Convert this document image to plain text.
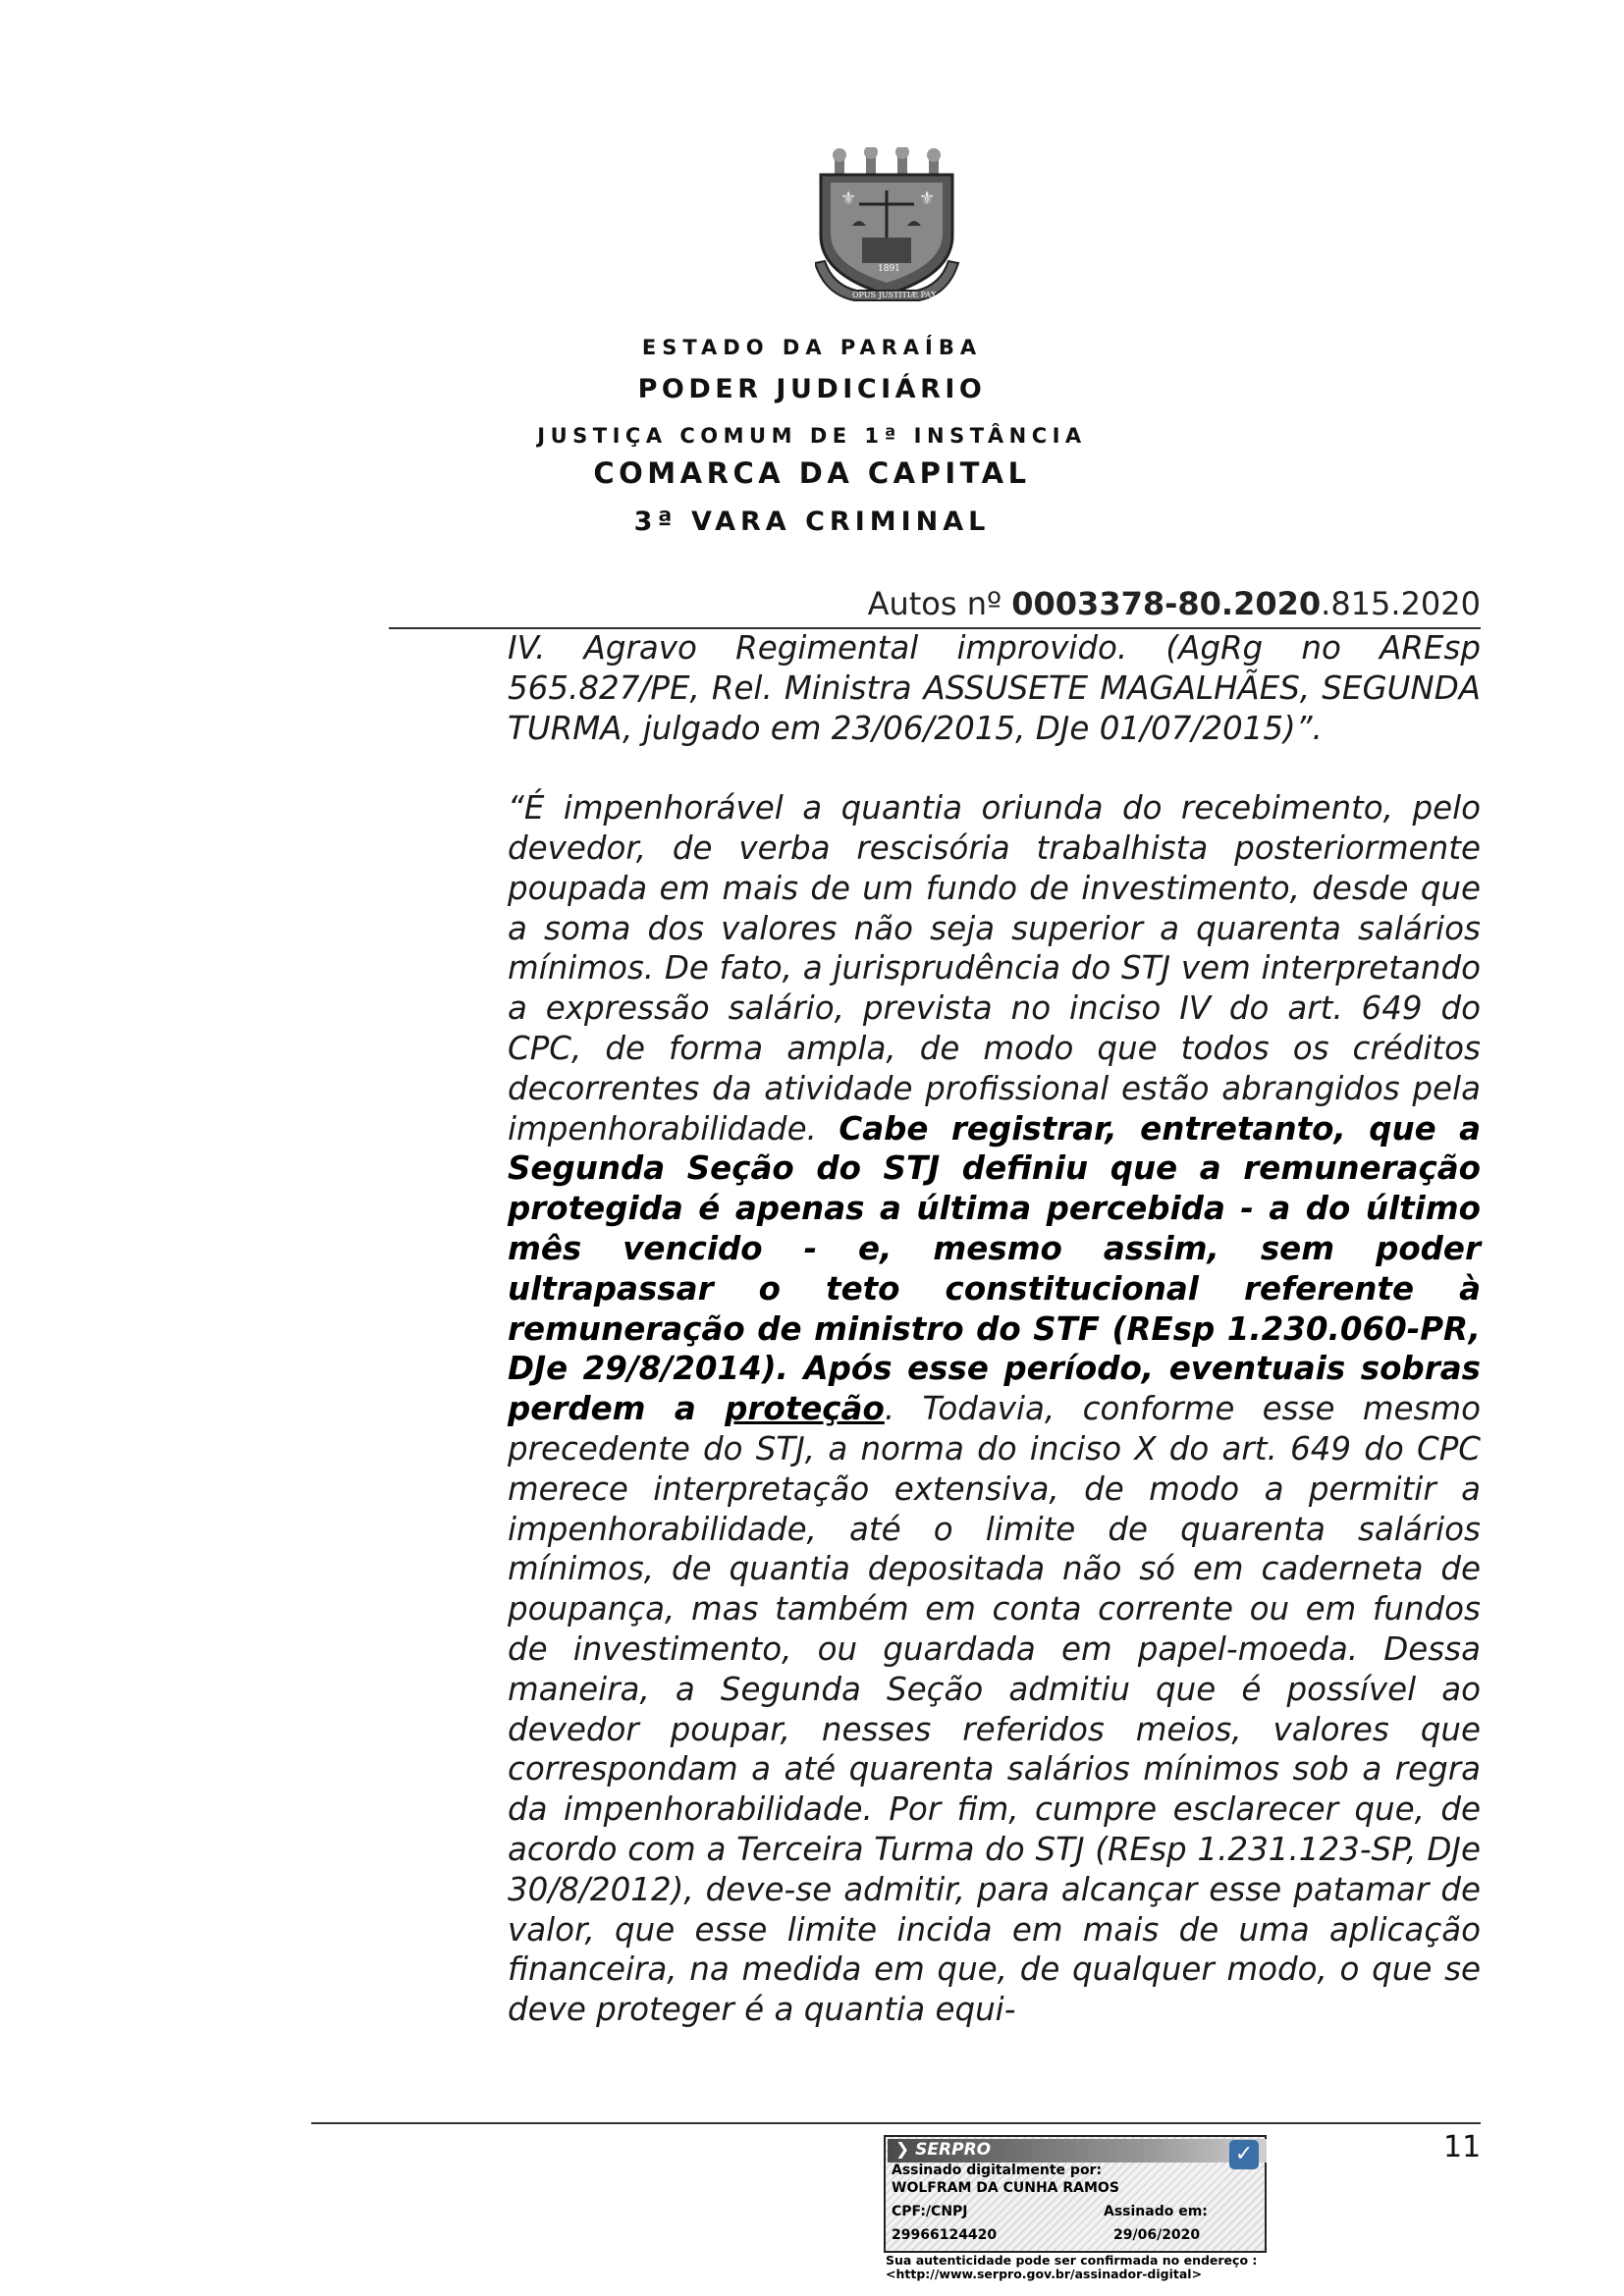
⚜	⚜
1891
OPUS JUSTITIÆ PAX
ESTADO DA PARAÍBA
PODER JUDICIÁRIO
JUSTIÇA COMUM DE 1ª INSTÂNCIA
COMARCA DA CAPITAL
3ª VARA CRIMINAL
Autos nº 0003378-80.2020.815.2020

IV. Agravo Regimental improvido. (AgRg no AREsp 565.827/PE, Rel. Ministra ASSUSETE MAGALHÃES, SEGUNDA TURMA, julgado em 23/06/2015, DJe 01/07/2015)”.

“É impenhorável a quantia oriunda do recebimento, pelo devedor, de verba rescisória trabalhista posteriormente poupada em mais de um fundo de investimento, desde que a soma dos valores não seja superior a quarenta salários mínimos. De fato, a jurisprudência do STJ vem interpretando a expressão salário, prevista no inciso IV do art. 649 do CPC, de forma ampla, de modo que todos os créditos decorrentes da atividade profissional estão abrangidos pela impenhorabilidade. Cabe registrar, entretanto, que a Segunda Seção do STJ definiu que a remuneração protegida é apenas a última percebida - a do último mês vencido - e, mesmo assim, sem poder ultrapassar o teto constitucional referente à remuneração de ministro do STF (REsp 1.230.060-PR, DJe 29/8/2014). Após esse período, eventuais sobras perdem a proteção. Todavia, conforme esse mesmo precedente do STJ, a norma do inciso X do art. 649 do CPC merece interpretação extensiva, de modo a permitir a impenhorabilidade, até o limite de quarenta salários mínimos, de quantia depositada não só em caderneta de poupança, mas também em conta corrente ou em fundos de investimento, ou guardada em papel-moeda. Dessa maneira, a Segunda Seção admitiu que é possível ao devedor poupar, nesses referidos meios, valores que correspondam a até quarenta salários mínimos sob a regra da impenhorabilidade. Por fim, cumpre esclarecer que, de acordo com a Terceira Turma do STJ (REsp 1.231.123-SP, DJe 30/8/2012), deve-se admitir, para alcançar esse patamar de valor, que esse limite incida em mais de uma aplicação financeira, na medida em que, de qualquer modo, o que se deve proteger é a quantia equi-

11
❯ SERPRO	✓
Assinado digitalmente por:
WOLFRAM DA CUNHA RAMOS
CPF:/CNPJ	Assinado em:
29966124420	29/06/2020
Sua autenticidade pode ser confirmada no endereço :
<http://www.serpro.gov.br/assinador-digital>
